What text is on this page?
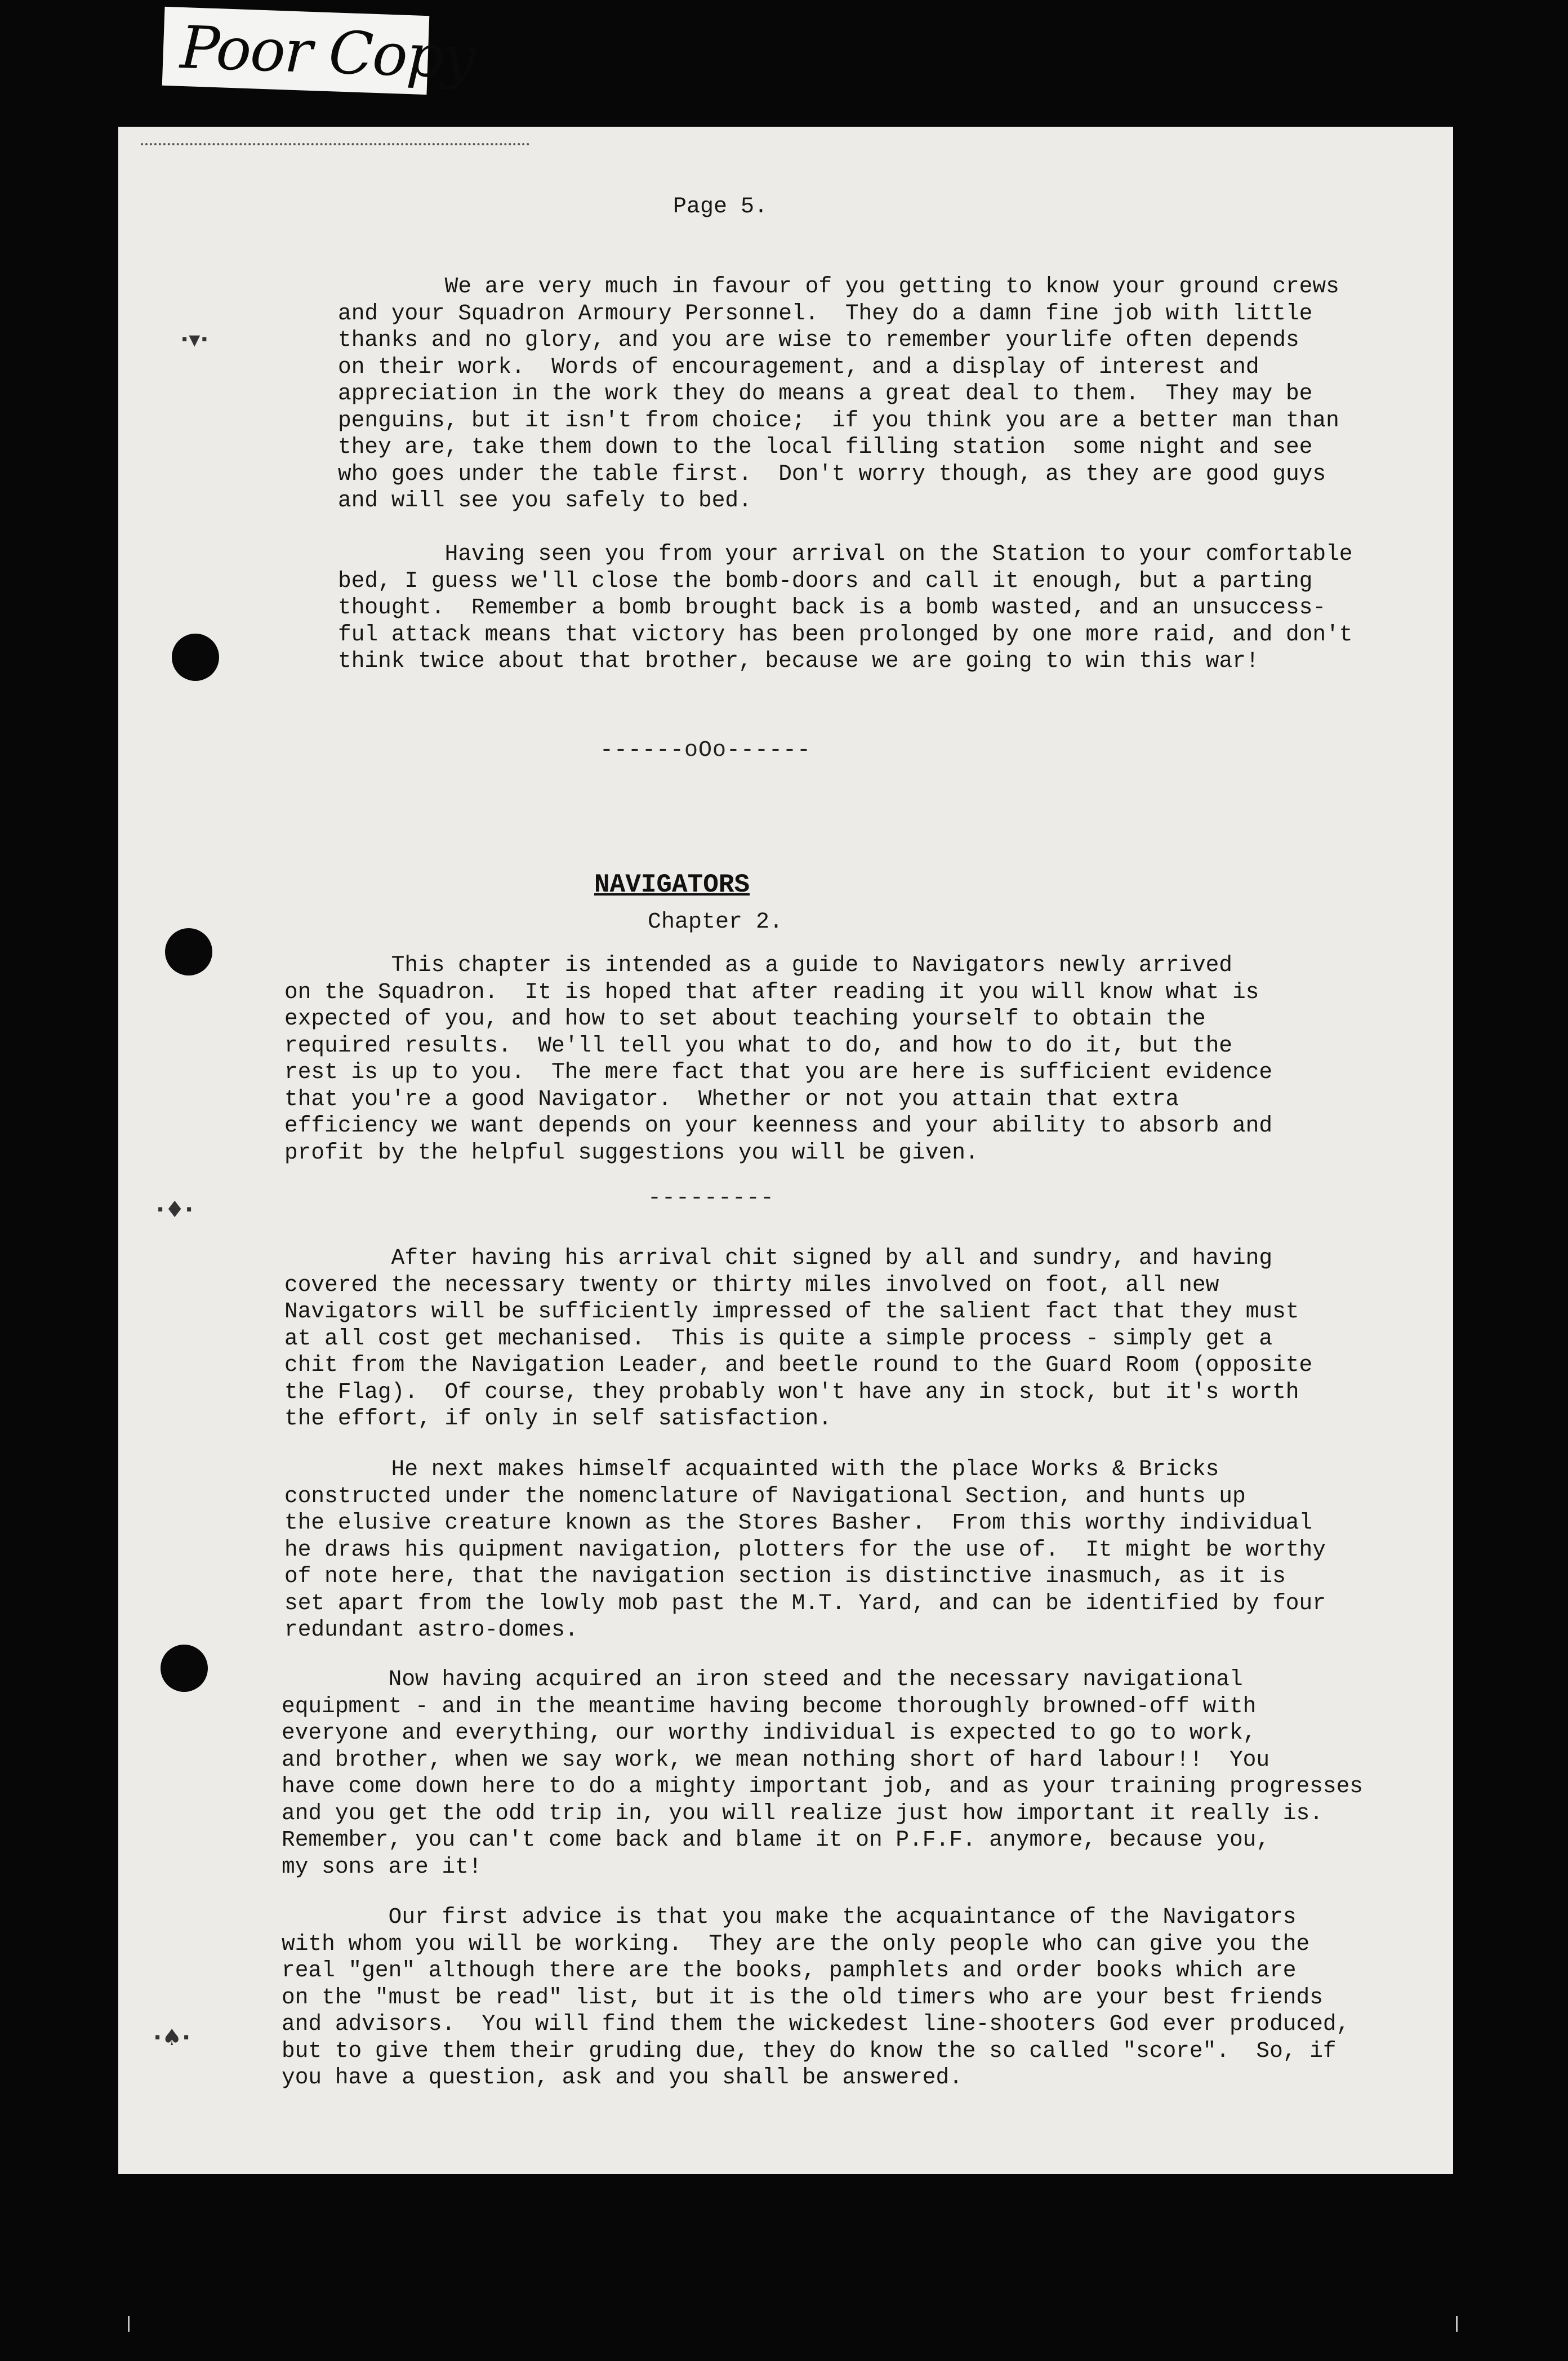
Poor Copy
·▾·
·♦·
·♠·
Page 5.
We are very much in favour of you getting to know your ground crews
and your Squadron Armoury Personnel.  They do a damn fine job with little
thanks and no glory, and you are wise to remember yourlife often depends
on their work.  Words of encouragement, and a display of interest and
appreciation in the work they do means a great deal to them.  They may be
penguins, but it isn't from choice;  if you think you are a better man than
they are, take them down to the local filling station  some night and see
who goes under the table first.  Don't worry though, as they are good guys
and will see you safely to bed.
Having seen you from your arrival on the Station to your comfortable
bed, I guess we'll close the bomb-doors and call it enough, but a parting
thought.  Remember a bomb brought back is a bomb wasted, and an unsuccess-
ful attack means that victory has been prolonged by one more raid, and don't
think twice about that brother, because we are going to win this war!
------oOo------
NAVIGATORS
Chapter 2.
This chapter is intended as a guide to Navigators newly arrived
on the Squadron.  It is hoped that after reading it you will know what is
expected of you, and how to set about teaching yourself to obtain the
required results.  We'll tell you what to do, and how to do it, but the
rest is up to you.  The mere fact that you are here is sufficient evidence
that you're a good Navigator.  Whether or not you attain that extra
efficiency we want depends on your keenness and your ability to absorb and
profit by the helpful suggestions you will be given.
---------
After having his arrival chit signed by all and sundry, and having
covered the necessary twenty or thirty miles involved on foot, all new
Navigators will be sufficiently impressed of the salient fact that they must
at all cost get mechanised.  This is quite a simple process - simply get a
chit from the Navigation Leader, and beetle round to the Guard Room (opposite
the Flag).  Of course, they probably won't have any in stock, but it's worth
the effort, if only in self satisfaction.
He next makes himself acquainted with the place Works & Bricks
constructed under the nomenclature of Navigational Section, and hunts up
the elusive creature known as the Stores Basher.  From this worthy individual
he draws his quipment navigation, plotters for the use of.  It might be worthy
of note here, that the navigation section is distinctive inasmuch, as it is
set apart from the lowly mob past the M.T. Yard, and can be identified by four
redundant astro-domes.
Now having acquired an iron steed and the necessary navigational
equipment - and in the meantime having become thoroughly browned-off with
everyone and everything, our worthy individual is expected to go to work,
and brother, when we say work, we mean nothing short of hard labour!!  You
have come down here to do a mighty important job, and as your training progresses
and you get the odd trip in, you will realize just how important it really is.
Remember, you can't come back and blame it on P.F.F. anymore, because you,
my sons are it!
Our first advice is that you make the acquaintance of the Navigators
with whom you will be working.  They are the only people who can give you the
real "gen" although there are the books, pamphlets and order books which are
on the "must be read" list, but it is the old timers who are your best friends
and advisors.  You will find them the wickedest line-shooters God ever produced,
but to give them their gruding due, they do know the so called "score".  So, if
you have a question, ask and you shall be answered.
